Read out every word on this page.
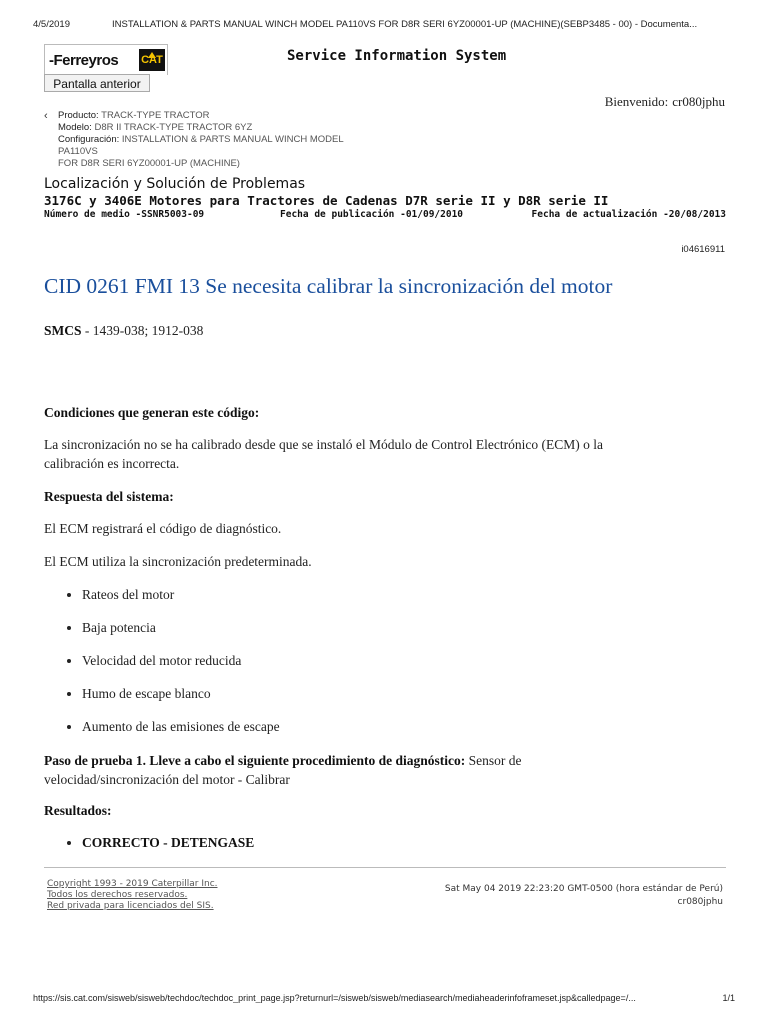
4/5/2019	INSTALLATION & PARTS MANUAL WINCH MODEL PA110VS FOR D8R SERI 6YZ00001-UP (MACHINE)(SEBP3485 - 00) - Documenta...
‑Ferreyros CAT
Pantalla anterior
Service Information System
Bienvenido: cr080jphu
‹ Producto: TRACK-TYPE TRACTOR
Modelo: D8R II TRACK-TYPE TRACTOR 6YZ
Configuración: INSTALLATION & PARTS MANUAL WINCH MODEL PA110VS
FOR D8R SERI 6YZ00001-UP (MACHINE)
Localización y Solución de Problemas
3176C y 3406E Motores para Tractores de Cadenas D7R serie II y D8R serie II
Número de medio -SSNR5003-09	Fecha de publicación -01/09/2010	Fecha de actualización -20/08/2013
i04616911
CID 0261 FMI 13 Se necesita calibrar la sincronización del motor
SMCS - 1439-038; 1912-038
Condiciones que generan este código:
La sincronización no se ha calibrado desde que se instaló el Módulo de Control Electrónico (ECM) o la
calibración es incorrecta.
Respuesta del sistema:
El ECM registrará el código de diagnóstico.
El ECM utiliza la sincronización predeterminada.
Rateos del motor
Baja potencia
Velocidad del motor reducida
Humo de escape blanco
Aumento de las emisiones de escape
Paso de prueba 1. Lleve a cabo el siguiente procedimiento de diagnóstico: Sensor de
velocidad/sincronización del motor - Calibrar
Resultados:
CORRECTO - DETENGASE
Copyright 1993 - 2019 Caterpillar Inc.
Todos los derechos reservados.
Red privada para licenciados del SIS.
Sat May 04 2019 22:23:20 GMT-0500 (hora estándar de Perú)
cr080jphu
https://sis.cat.com/sisweb/sisweb/techdoc/techdoc_print_page.jsp?returnurl=/sisweb/sisweb/mediasearch/mediaheaderinfoframeset.jsp&calledpage=/...	1/1
